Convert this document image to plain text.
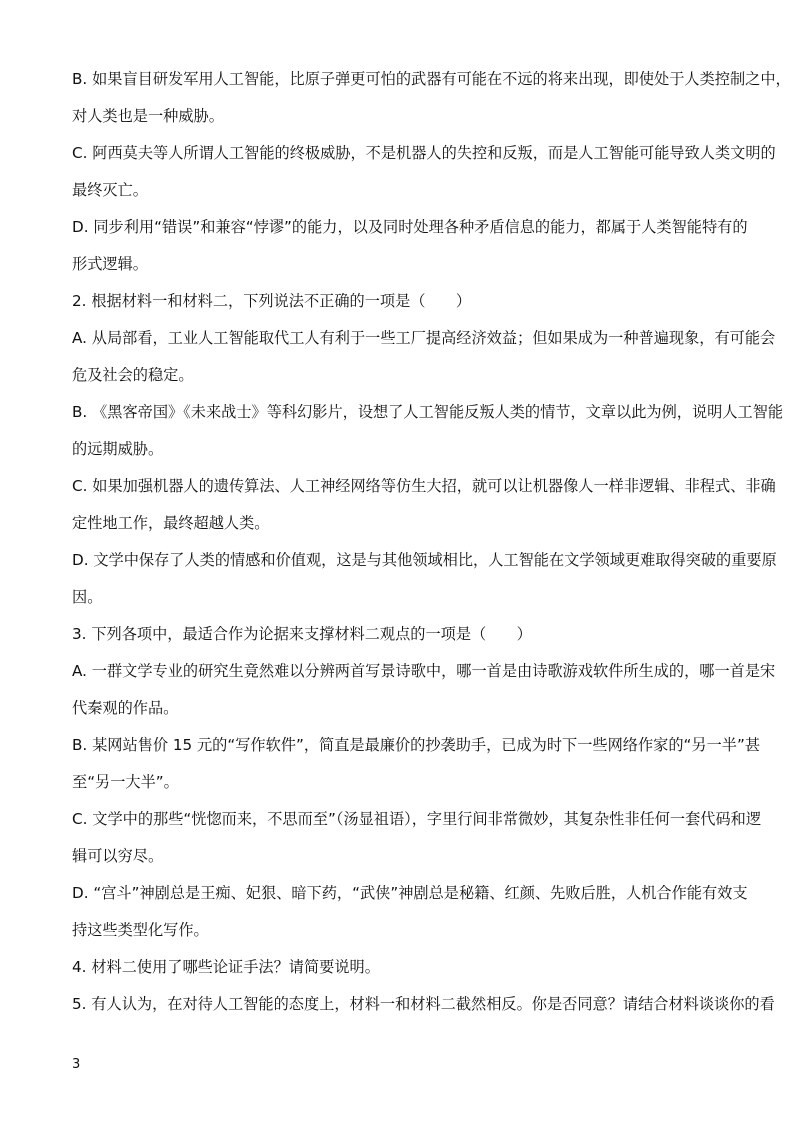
B. 如果盲目研发军用人工智能，比原子弹更可怕的武器有可能在不远的将来出现，即使处于人类控制之中，
对人类也是一种威胁。
C. 阿西莫夫等人所谓人工智能的终极威胁，不是机器人的失控和反叛，而是人工智能可能导致人类文明的
最终灭亡。
D. 同步利用“错误”和兼容“悖谬”的能力，以及同时处理各种矛盾信息的能力，都属于人类智能特有的
形式逻辑。
2. 根据材料一和材料二，下列说法不正确的一项是（　　）
A. 从局部看，工业人工智能取代工人有利于一些工厂提高经济效益；但如果成为一种普遍现象，有可能会
危及社会的稳定。
B. 《黑客帝国》《未来战士》等科幻影片，设想了人工智能反叛人类的情节，文章以此为例，说明人工智能
的远期威胁。
C. 如果加强机器人的遗传算法、人工神经网络等仿生大招，就可以让机器像人一样非逻辑、非程式、非确
定性地工作，最终超越人类。
D. 文学中保存了人类的情感和价值观，这是与其他领域相比，人工智能在文学领域更难取得突破的重要原
因。
3. 下列各项中，最适合作为论据来支撑材料二观点的一项是（　　）
A. 一群文学专业的研究生竟然难以分辨两首写景诗歌中，哪一首是由诗歌游戏软件所生成的，哪一首是宋
代秦观的作品。
B. 某网站售价 15 元的“写作软件”，简直是最廉价的抄袭助手，已成为时下一些网络作家的“另一半”甚
至“另一大半”。
C. 文学中的那些“恍惚而来，不思而至”（汤显祖语），字里行间非常微妙，其复杂性非任何一套代码和逻
辑可以穷尽。
D. “宫斗”神剧总是王痴、妃狠、暗下药，“武侠”神剧总是秘籍、红颜、先败后胜，人机合作能有效支
持这些类型化写作。
4. 材料二使用了哪些论证手法？请简要说明。
5. 有人认为，在对待人工智能的态度上，材料一和材料二截然相反。你是否同意？请结合材料谈谈你的看
3
